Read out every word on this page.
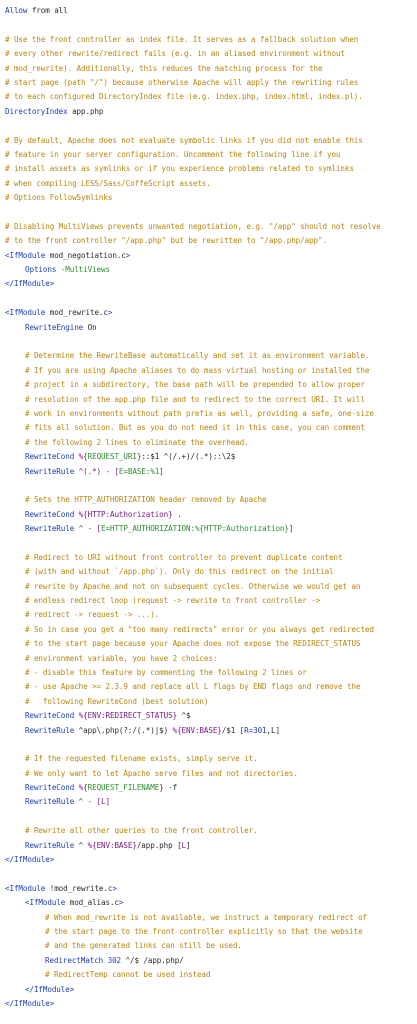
Allow from all
# Use the front controller as index file. It serves as a fallback solution when
# every other rewrite/redirect fails (e.g. in an aliased environment without
# mod_rewrite). Additionally, this reduces the matching process for the
# start page (path "/") because otherwise Apache will apply the rewriting rules
# to each configured DirectoryIndex file (e.g. index.php, index.html, index.pl).
DirectoryIndex app.php
# By default, Apache does not evaluate symbolic links if you did not enable this
# feature in your server configuration. Uncomment the following line if you
# install assets as symlinks or if you experience problems related to symlinks
# when compiling LESS/Sass/CoffeScript assets.
# Options FollowSymlinks
# Disabling MultiViews prevents unwanted negotiation, e.g. "/app" should not resolve
# to the front controller "/app.php" but be rewritten to "/app.php/app".
<IfModule mod_negotiation.c>
Options -MultiViews
</IfModule>
<IfModule mod_rewrite.c>
RewriteEngine On
# Determine the RewriteBase automatically and set it as environment variable.
# If you are using Apache aliases to do mass virtual hosting or installed the
# project in a subdirectory, the base path will be prepended to allow proper
# resolution of the app.php file and to redirect to the correct URI. It will
# work in environments without path prefix as well, providing a safe, one-size
# fits all solution. But as you do not need it in this case, you can comment
# the following 2 lines to eliminate the overhead.
RewriteCond %{REQUEST_URI}::$1 ^(/.+)/(.*)::\2$
RewriteRule ^(.*) - [E=BASE:%1]
# Sets the HTTP_AUTHORIZATION header removed by Apache
RewriteCond %{HTTP:Authorization} .
RewriteRule ^ - [E=HTTP_AUTHORIZATION:%{HTTP:Authorization}]
# Redirect to URI without front controller to prevent duplicate content
# (with and without `/app.php`). Only do this redirect on the initial
# rewrite by Apache and not on subsequent cycles. Otherwise we would get an
# endless redirect loop (request -> rewrite to front controller ->
# redirect -> request -> ...).
# So in case you get a "too many redirects" error or you always get redirected
# to the start page because your Apache does not expose the REDIRECT_STATUS
# environment variable, you have 2 choices:
# - disable this feature by commenting the following 2 lines or
# - use Apache >= 2.3.9 and replace all L flags by END flags and remove the
#   following RewriteCond (best solution)
RewriteCond %{ENV:REDIRECT_STATUS} ^$
RewriteRule ^app\.php(?:/(.*)|$) %{ENV:BASE}/$1 [R=301,L]
# If the requested filename exists, simply serve it.
# We only want to let Apache serve files and not directories.
RewriteCond %{REQUEST_FILENAME} -f
RewriteRule ^ - [L]
# Rewrite all other queries to the front controller.
RewriteRule ^ %{ENV:BASE}/app.php [L]
</IfModule>
<IfModule !mod_rewrite.c>
<IfModule mod_alias.c>
# When mod_rewrite is not available, we instruct a temporary redirect of
# the start page to the front controller explicitly so that the website
# and the generated links can still be used.
RedirectMatch 302 ^/$ /app.php/
# RedirectTemp cannot be used instead
</IfModule>
</IfModule>
